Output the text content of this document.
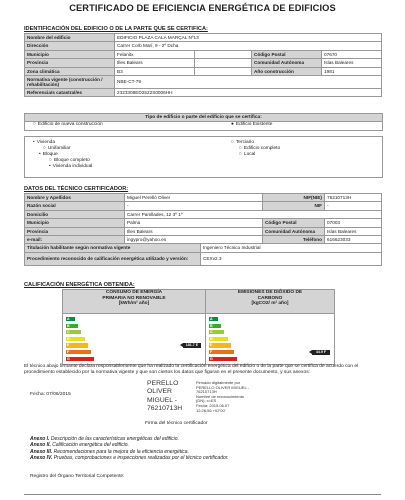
CERTIFICADO DE EFICIENCIA ENERGÉTICA DE EDIFICIOS
IDENTIFICACIÓN DEL EDIFICIO O DE LA PARTE QUE SE CERTIFICA:
Nombre del edificio	EDIFICIO PLAZA CALA MARÇAL Nº13			
Dirección	Carrer Corb Marí, 9 - 2º Dcha			
Municipio	Felanitx		Código Postal	07670
Provincia	Illes Balears		Comunidad Autónoma	Islas Baleares
Zona climática	B3		Año construcción	1981
Normativa vigente (construcción / rehabilitación)	NBE-CT-79			
Referencia/s catastral/es	2323308ED2522S0006HH			
Tipo de edificio o parte del edificio que se certifica:
○ Edificio de nueva construcción	● Edificio Existente
• Vivienda
○ Unifamiliar
• Bloque
○ Bloque completo
• Vivienda individual
○ Terciario
○ Edificio completo
○ Local
DATOS DEL TÉCNICO CERTIFICADOR:
Nombre y Apellidos	Miguel Perelló Oliver		NIF(NIE)	76210713H
Razón social	-		NIF	-
Domicilio	Carrer Pamllades, 12 3º 1º			
Municipio	Palma		Código Postal	07003
Provincia	Illes Balears		Comunidad Autónoma	Islas Baleares
e-mail:	ingypro@yahoo.es		Teléfono	616623033
Titulación habilitante según normativa vigente		Ingeniero Técnico Industrial		
Procedimiento reconocido de calificación energética utilizado y versión:		CEXv2.3		
CALIFICACIÓN ENERGÉTICA OBTENIDA:
CONSUMO DE ENERGÍA
PRIMARIA NO RENOVABLE
[kWh/m² año]
EMISIONES DE DIÓXIDO DE
CARBONO
[kgCO2/ m² año]
A
B
C
D
E
F
G
181.7 E
A
B
C
D
E
F
G
44.9 F
El técnico abajo firmante declara responsablemente que ha realizado la certificación energética del edificio o de la parte que se certifica de acuerdo con el procedimiento establecido por la normativa vigente y que son ciertos los datos que figuran en el presente documento, y sus anexos:
Fecha: 07/06/2015
PERELLO
OLIVER
MIGUEL -
76210713H
Firmado digitalmente por
PERELLO OLIVER MIGUEL -
76210713H
Nombre de reconocimiento
(DN): c=ES
Fecha: 2015.06.07
12:26:56 +02'00'
Firma del técnico certificador
Anexo I. Descripción de las características energéticas del edificio.
Anexo II. Calificación energética del edificio.
Anexo III. Recomendaciones para la mejora de la eficiencia energética.
Anexo IV. Pruebas, comprobaciones e inspecciones realizadas por el técnico certificador.
Registro del Órgano Territorial Competente:
